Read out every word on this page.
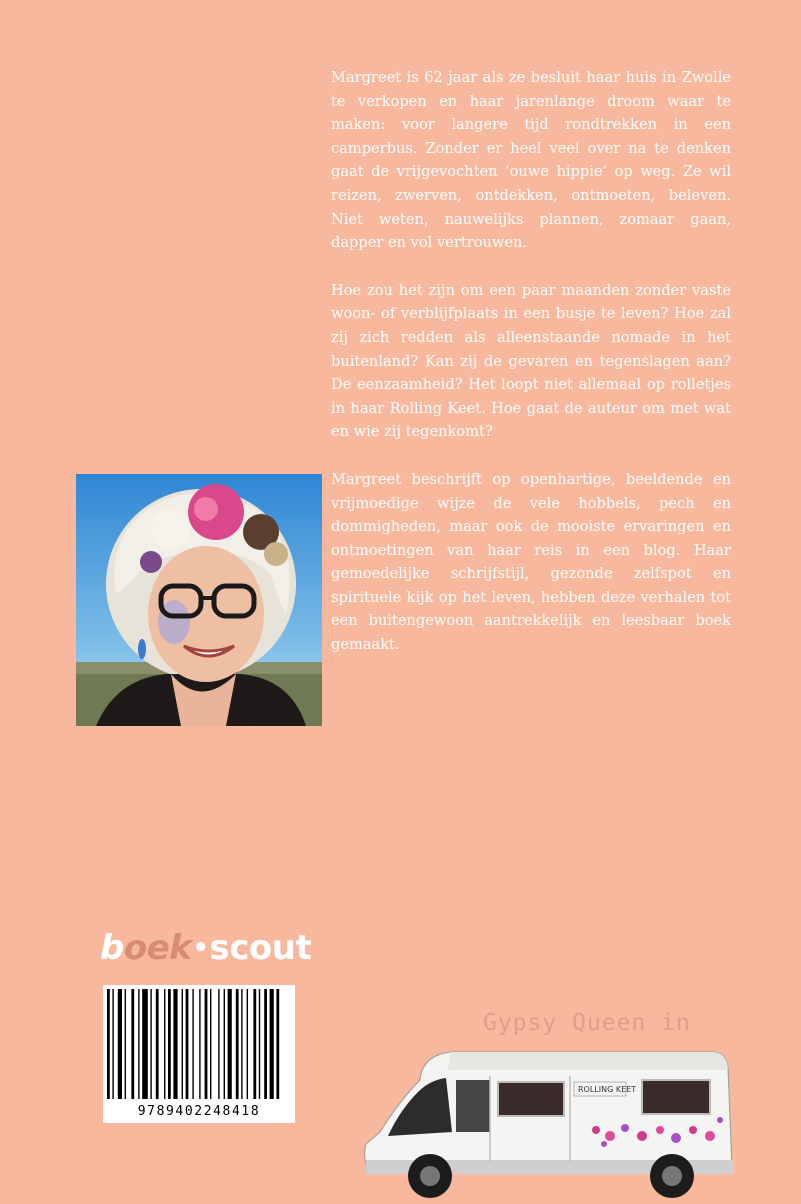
Margreet is 62 jaar als ze besluit haar huis in Zwolle te verkopen en haar jarenlange droom waar te maken: voor langere tijd rondtrekken in een camperbus. Zonder er heel veel over na te denken gaat de vrijgevochten ‘ouwe hippie’ op weg. Ze wil reizen, zwerven, ontdekken, ontmoeten, beleven. Niet weten, nauwelijks plannen, zomaar gaan, dapper en vol vertrouwen.

Hoe zou het zijn om een paar maanden zonder vaste woon- of verblijfplaats in een busje te leven? Hoe zal zij zich redden als alleenstaande nomade in het buitenland? Kan zij de gevaren en tegenslagen aan? De eenzaamheid? Het loopt niet allemaal op rolletjes in haar Rolling Keet. Hoe gaat de auteur om met wat en wie zij tegenkomt?

Margreet beschrijft op openhartige, beeldende en vrijmoedige wijze de vele hobbels, pech en dommigheden, maar ook de mooiste ervaringen en ontmoetingen van haar reis in een blog. Haar gemoedelijke schrijfstijl, gezonde zelfspot en spirituele kijk op het leven, hebben deze verhalen tot een buitengewoon aantrekkelijk en leesbaar boek gemaakt.

boek•scout
9789402248418
Gypsy Queen in
ROLLING KEET
